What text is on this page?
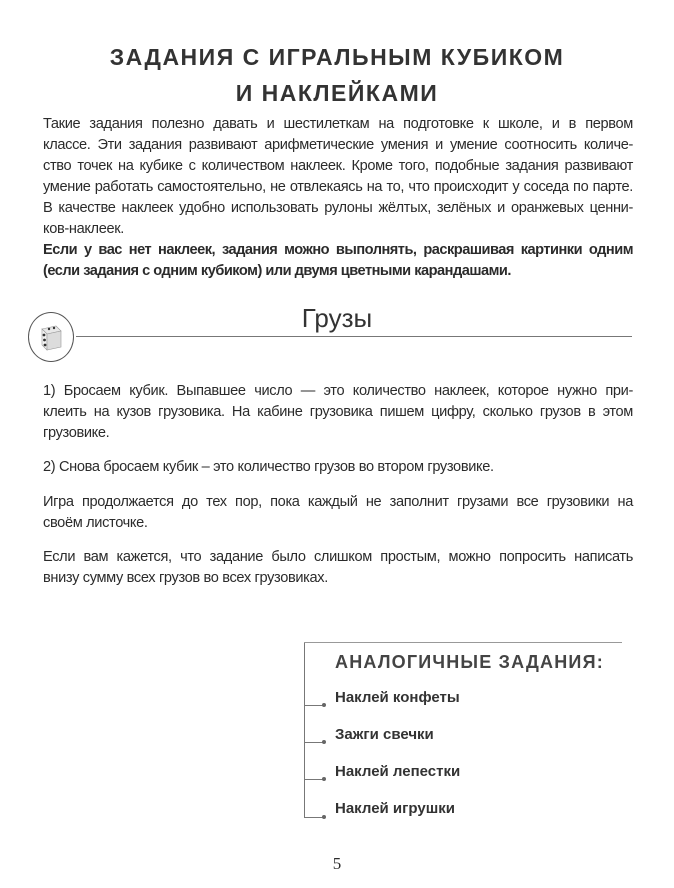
ЗАДАНИЯ С ИГРАЛЬНЫМ КУБИКОМ
И НАКЛЕЙКАМИ
Такие задания полезно давать и шестилеткам на подготовке к школе, и в первом
классе. Эти задания развивают арифметические умения и умение соотносить количе-
ство точек на кубике с количеством наклеек. Кроме того, подобные задания развивают
умение работать самостоятельно, не отвлекаясь на то, что происходит у соседа по парте.
В качестве наклеек удобно использовать рулоны жёлтых, зелёных и оранжевых ценни-
ков-наклеек.
Если у вас нет наклеек, задания можно выполнять, раскрашивая картинки одним
(если задания с одним кубиком) или двумя цветными карандашами.
Грузы
1) Бросаем кубик. Выпавшее число — это количество наклеек, которое нужно при-
клеить на кузов грузовика. На кабине грузовика пишем цифру, сколько грузов в этом
грузовике.
2) Снова бросаем кубик – это количество грузов во втором грузовике.
Игра продолжается до тех пор, пока каждый не заполнит грузами все грузовики на
своём листочке.
Если вам кажется, что задание было слишком простым, можно попросить написать
внизу сумму всех грузов во всех грузовиках.
АНАЛОГИЧНЫЕ ЗАДАНИЯ:
Наклей конфеты
Зажги свечки
Наклей лепестки
Наклей игрушки
5
